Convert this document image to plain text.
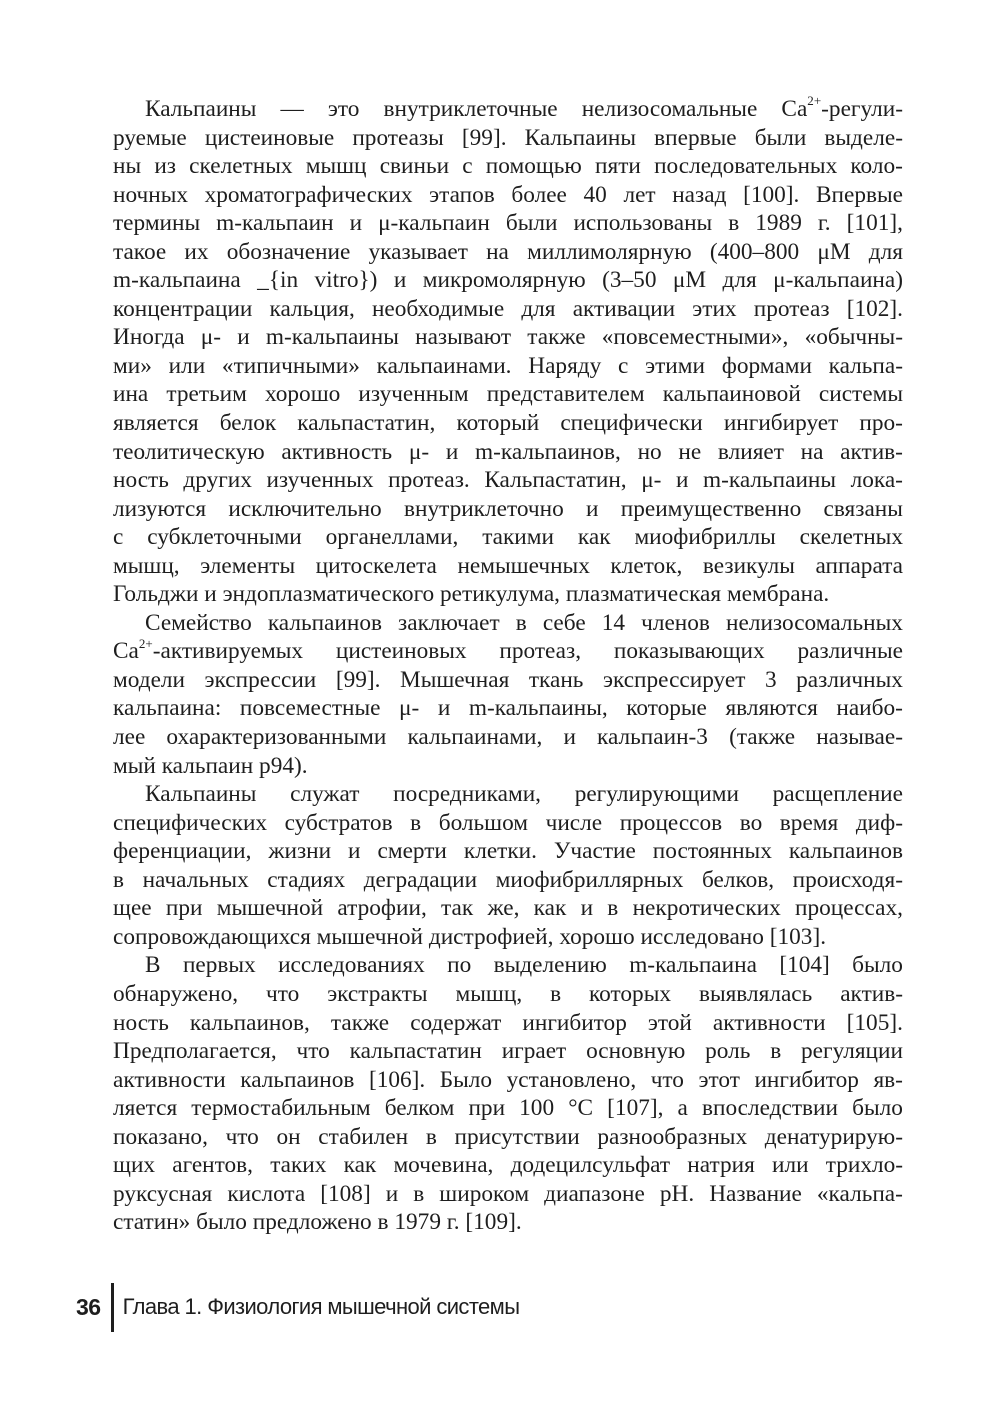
Кальпаины — это внутриклеточные нелизосомальные $Ca^{2+}-регули-$
руемые цистеиновые протеазы [99]. Кальпаины впервые были выделе-
ны из скелетных мышц свиньи с помощью пяти последовательных коло-
ночных хроматографических этапов более 40 лет назад [100]. Впервые
термины m-кальпаин и μ-кальпаин были использованы в 1989 г. [101],
такое их обозначение указывает на миллимолярную (400–800 μM для
m-кальпаина _{in vitro}) и микромолярную (3–50 μM для μ-кальпаина)
концентрации кальция, необходимые для активации этих протеаз [102].
Иногда μ- и m-кальпаины называют также «повсеместными», «обычны-
ми» или «типичными» кальпаинами. Наряду с этими формами кальпа-
ина третьим хорошо изученным представителем кальпаиновой системы
является белок кальпастатин, который специфически ингибирует про-
теолитическую активность μ- и m-кальпаинов, но не влияет на актив-
ность других изученных протеаз. Кальпастатин, μ- и m-кальпаины лока-
лизуются исключительно внутриклеточно и преимущественно связаны
с субклеточными органеллами, такими как миофибриллы скелетных
мышц, элементы цитоскелета немышечных клеток, везикулы аппарата
Гольджи
и
эндоплазматического
ретикулума,
плазматическая
мембрана.
Семейство кальпаинов заключает в себе 14 членов нелизосомальных
$Ca^{2+}$-активируемых цистеиновых протеаз, показывающих различные
модели экспрессии [99]. Мышечная ткань экспрессирует 3 различных
кальпаина: повсеместные μ- и m-кальпаины, которые являются наибо-
лее охарактеризованными кальпаинами, и кальпаин-3 (также называе-
мый
кальпаин
p94).
Кальпаины служат посредниками, регулирующими расщепление
специфических субстратов в большом числе процессов во время диф-
ференциации, жизни и смерти клетки. Участие постоянных кальпаинов
в начальных стадиях деградации миофибриллярных белков, происходя-
щее при мышечной атрофии, так же, как и в некротических процессах,
сопровождающихся
мышечной
дистрофией,
хорошо
исследовано
[103].
В первых исследованиях по выделению m-кальпаина [104] было
обнаружено, что экстракты мышц, в которых выявлялась актив-
ность кальпаинов, также содержат ингибитор этой активности [105].
Предполагается, что кальпастатин играет основную роль в регуляции
активности кальпаинов [106]. Было установлено, что этот ингибитор яв-
ляется термостабильным белком при 100 °C [107], а впоследствии было
показано, что он стабилен в присутствии разнообразных денатурирую-
щих агентов, таких как мочевина, додецилсульфат натрия или трихло-
руксусная кислота [108] и в широком диапазоне pH. Название «кальпа-
статин»
было
предложено
в
1979
г.
[109].
36 Глава 1. Физиология мышечной системы
